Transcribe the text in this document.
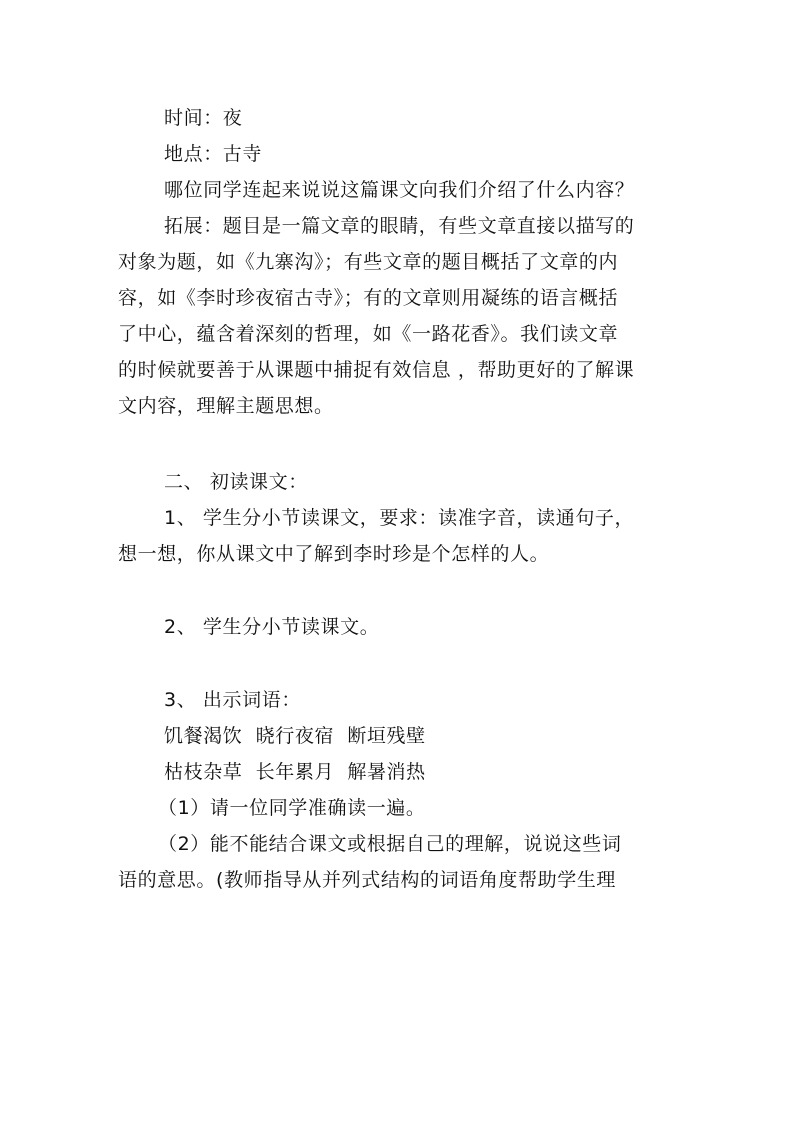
时间：夜
地点：古寺
哪位同学连起来说说这篇课文向我们介绍了什么内容？
拓展：题目是一篇文章的眼睛，有些文章直接以描写的
对象为题，如《九寨沟》；有些文章的题目概括了文章的内
容，如《李时珍夜宿古寺》；有的文章则用凝练的语言概括
了中心，蕴含着深刻的哲理，如《一路花香》。我们读文章
的时候就要善于从课题中捕捉有效信息 ，帮助更好的了解课
文内容，理解主题思想。
二、 初读课文：
1、 学生分小节读课文，要求：读准字音，读通句子，
想一想，你从课文中了解到李时珍是个怎样的人。
2、 学生分小节读课文。
3、 出示词语：
饥餐渴饮  晓行夜宿  断垣残壁
枯枝杂草  长年累月  解暑消热
（1）请一位同学准确读一遍。
（2）能不能结合课文或根据自己的理解，说说这些词
语的意思。(教师指导从并列式结构的词语角度帮助学生理
